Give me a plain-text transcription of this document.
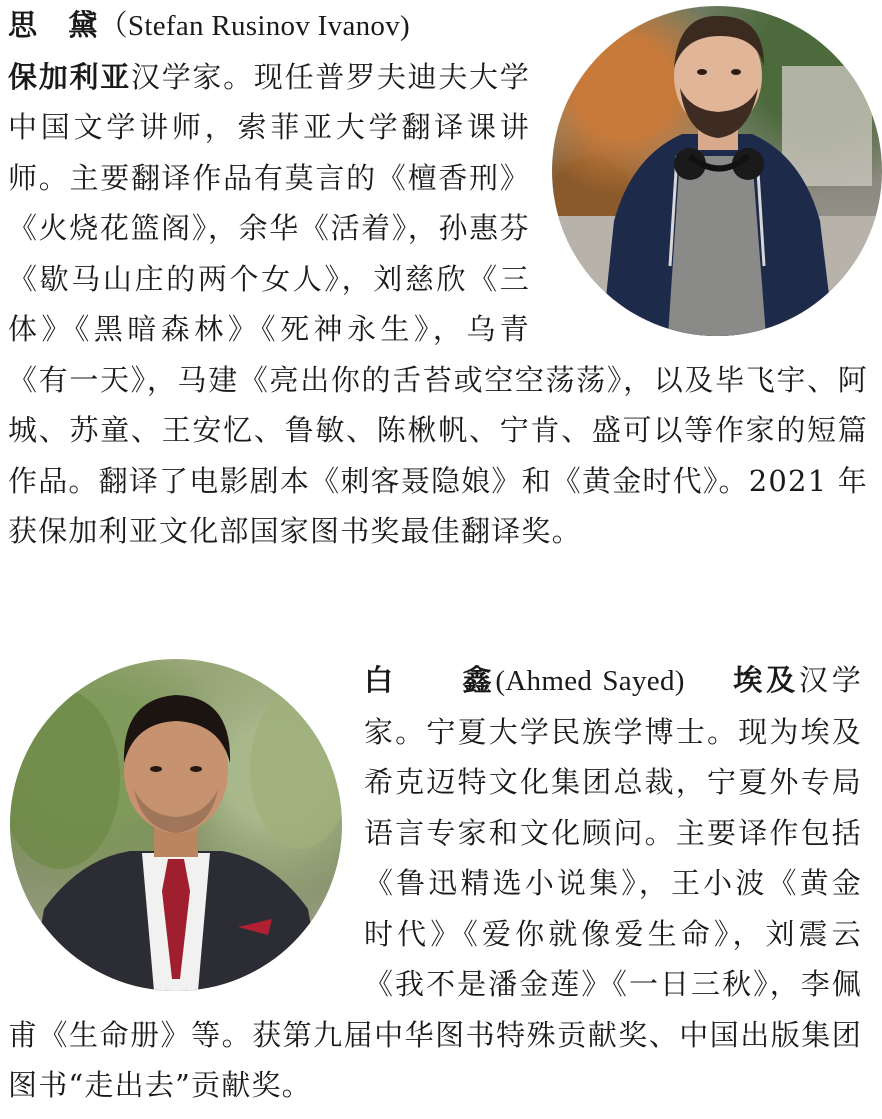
思　黛（Stefan Rusinov Ivanov)
保加利亚汉学家。现任普罗夫迪夫大学中国文学讲师，索菲亚大学翻译课讲师。主要翻译作品有莫言的《檀香刑》《火烧花篮阁》，余华《活着》，孙惠芬《歇马山庄的两个女人》，刘慈欣《三体》《黑暗森林》《死神永生》，乌青《有一天》，马建《亮出你的舌苔或空空荡荡》，以及毕飞宇、阿城、苏童、王安忆、鲁敏、陈楸帆、宁肯、盛可以等作家的短篇作品。翻译了电影剧本《刺客聂隐娘》和《黄金时代》。2021 年获保加利亚文化部国家图书奖最佳翻译奖。

白　　鑫(Ahmed Sayed)　 埃及汉学家。宁夏大学民族学博士。现为埃及希克迈特文化集团总裁，宁夏外专局语言专家和文化顾问。主要译作包括《鲁迅精选小说集》，王小波《黄金时代》《爱你就像爱生命》，刘震云《我不是潘金莲》《一日三秋》，李佩甫《生命册》等。获第九届中华图书特殊贡献奖、中国出版集团图书“走出去”贡献奖。
